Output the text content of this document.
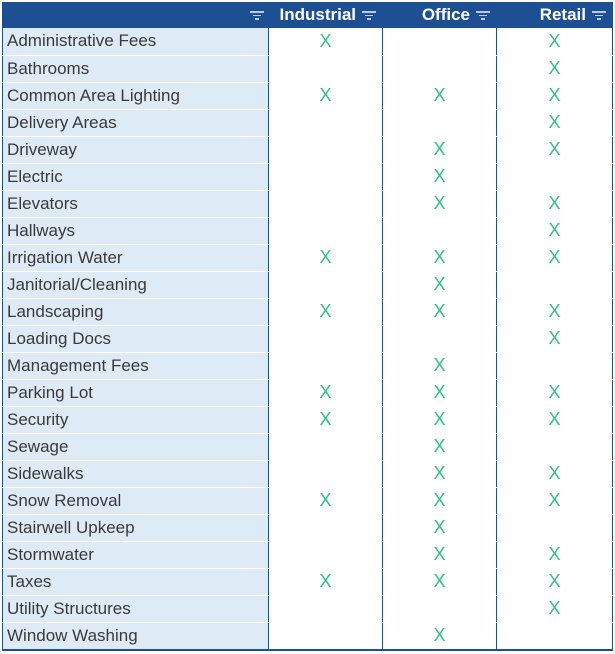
	Industrial	Office	Retail

Administrative Fees	X		X
Bathrooms			X
Common Area Lighting	X	X	X
Delivery Areas			X
Driveway		X	X
Electric		X	
Elevators		X	X
Hallways			X
Irrigation Water	X	X	X
Janitorial/Cleaning		X	
Landscaping	X	X	X
Loading Docs			X
Management Fees		X	
Parking Lot	X	X	X
Security	X	X	X
Sewage		X	
Sidewalks		X	X
Snow Removal	X	X	X
Stairwell Upkeep		X	
Stormwater		X	X
Taxes	X	X	X
Utility Structures			X
Window Washing		X	
